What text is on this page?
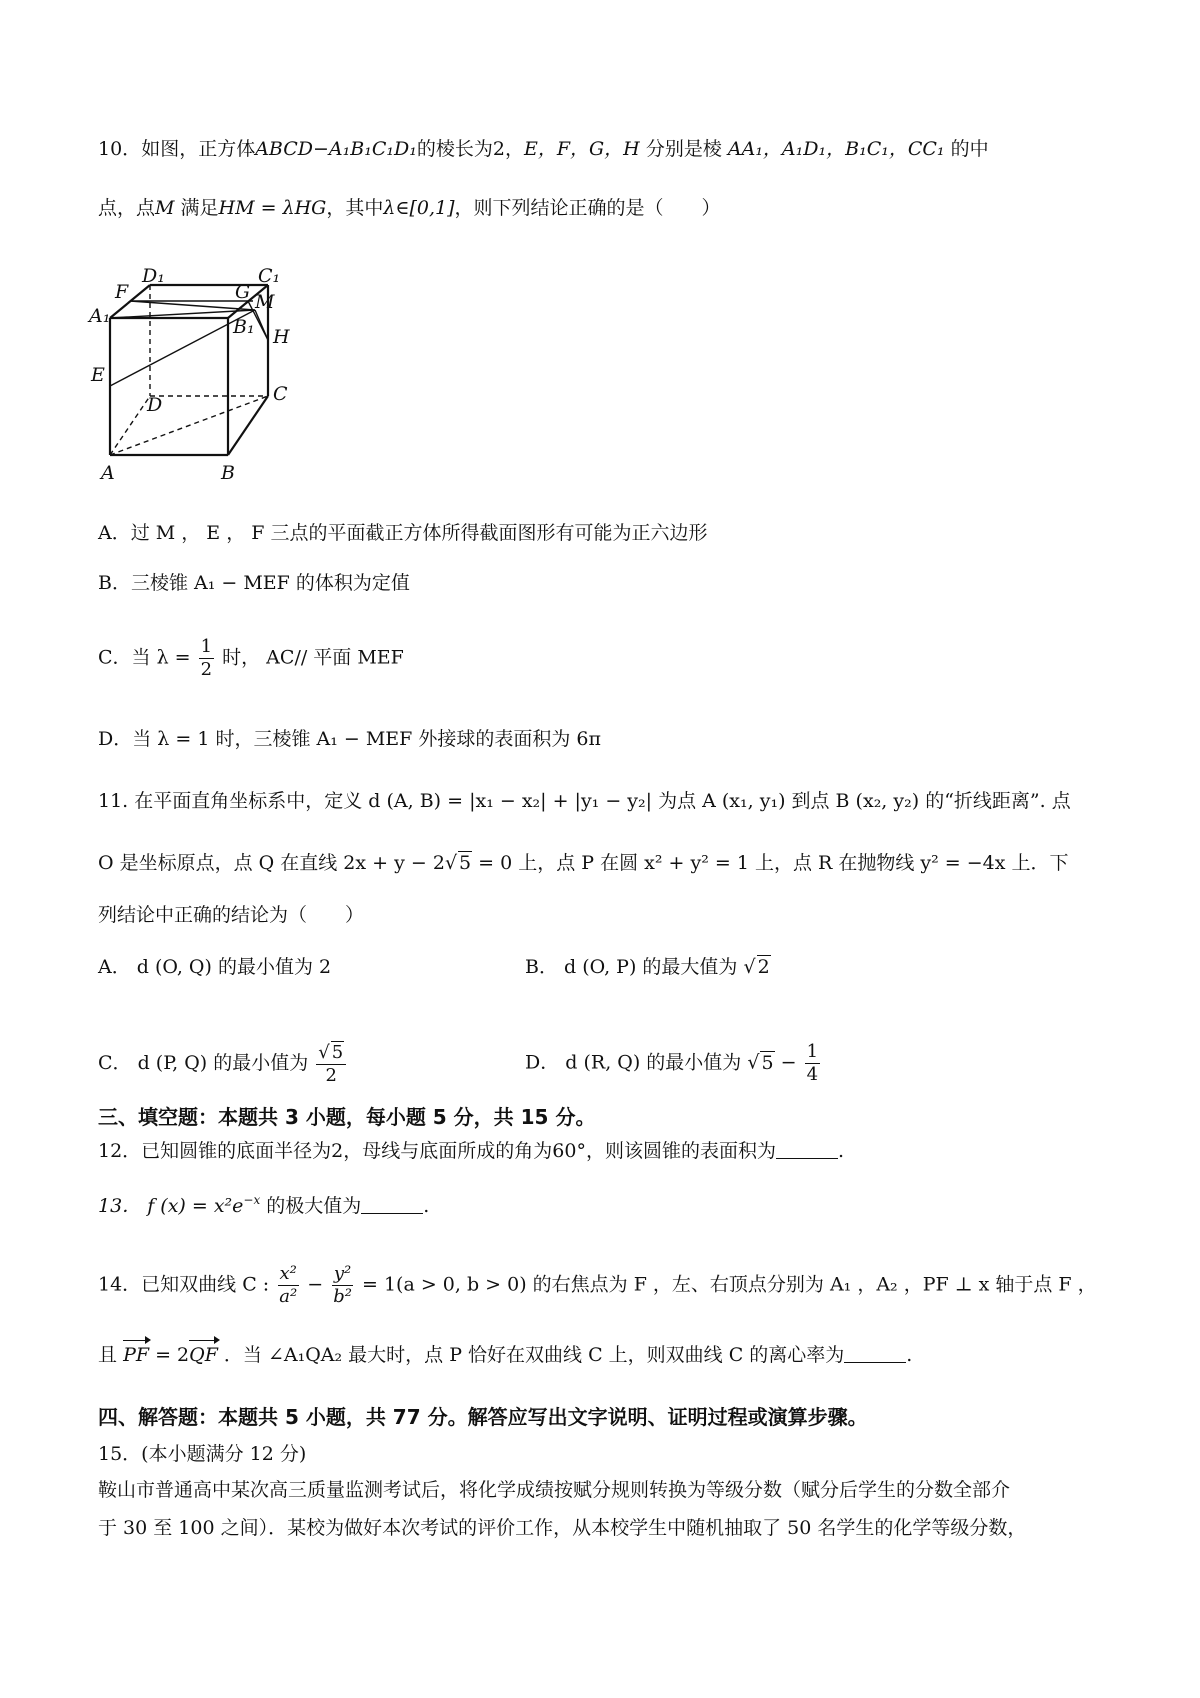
10．如图，正方体ABCD−A₁B₁C₁D₁的棱长为2，E，F，G，H 分别是棱 AA₁，A₁D₁，B₁C₁，CC₁ 的中
点，点M 满足HM = λHG，其中λ∈[0,1]，则下列结论正确的是（　　）
D₁	C₁
F	G M
A₁	B₁ H
E
D	C
A	B
A．过 M ， E ， F 三点的平面截正方体所得截面图形有可能为正六边形
B．三棱锥 A₁ − MEF 的体积为定值
C．当 $\lambda = \frac{1}{2}$ 时， AC// 平面 MEF
D．当 λ = 1 时，三棱锥 A₁ − MEF 外接球的表面积为 6π
11. 在平面直角坐标系中，定义 d (A, B) = |x₁ − x₂| + |y₁ − y₂| 为点 A (x₁, y₁) 到点 B (x₂, y₂) 的“折线距离”. 点
O 是坐标原点，点 Q 在直线 2x + y − 2√ 5 = 0 上，点 P 在圆 x² + y² = 1 上，点 R 在抛物线 y² = −4x 上．下
列结论中正确的结论为（　　）
A． d (O, Q) 的最小值为 2	B． d (O, P) 的最大值为 √ 2
C． d (P, Q) 的最小值为 $\frac{√ 5}{2}$	D． d (R, Q) 的最小值为 √ $5 - \frac{1}{4}$
三、填空题：本题共 3 小题，每小题 5 分，共 15 分。
12．已知圆锥的底面半径为2，母线与底面所成的角为60°，则该圆锥的表面积为	.
13． f $(x) = x^2e^{-x}$ 的极大值为	.
14．已知双曲线 C : $\frac{\text{x²}}{\text{a²}} - \frac{\text{y²}}{\text{b²}} = 1(a > 0$, b > 0) 的右焦点为 F ，左、右顶点分别为 A₁ ，A₂ ，PF ⊥ x 轴于点 F ，
且 PF = 2QF ．当 ∠A₁QA₂ 最大时，点 P 恰好在双曲线 C 上，则双曲线 C 的离心率为	.
四、解答题：本题共 5 小题，共 77 分。解答应写出文字说明、证明过程或演算步骤。
15．(本小题满分 12 分)
鞍山市普通高中某次高三质量监测考试后，将化学成绩按赋分规则转换为等级分数（赋分后学生的分数全部介
于 30 至 100 之间）．某校为做好本次考试的评价工作，从本校学生中随机抽取了 50 名学生的化学等级分数，
